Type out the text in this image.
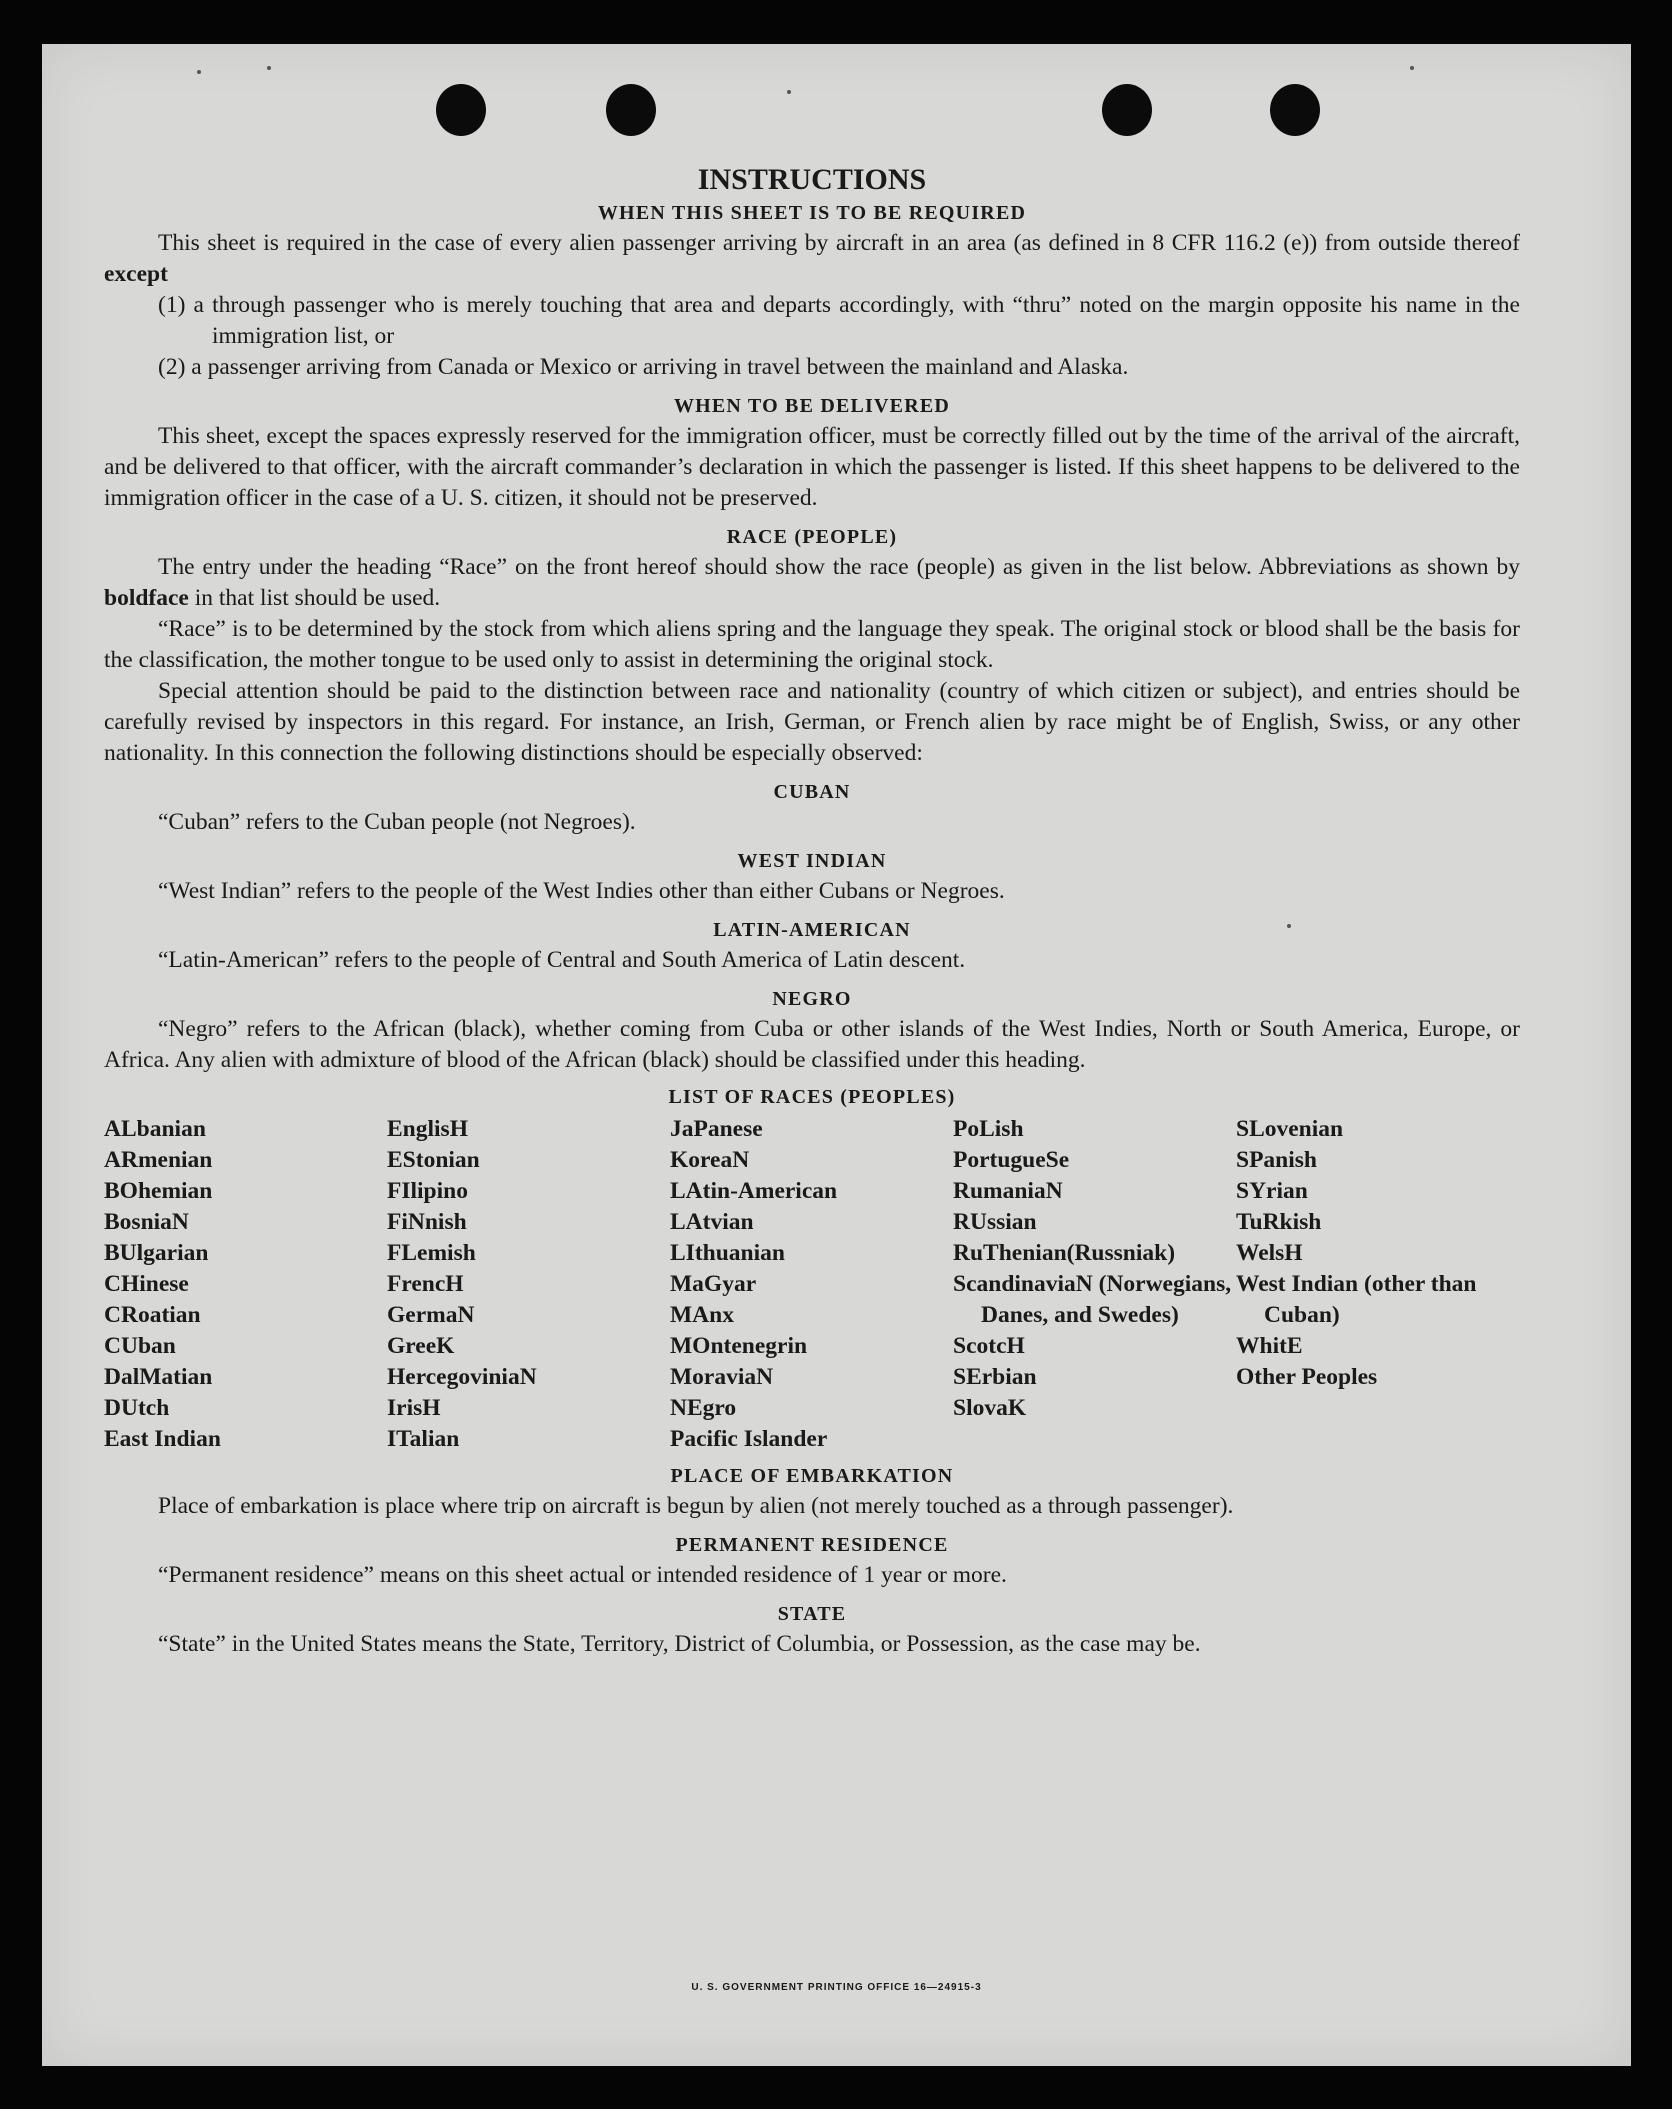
INSTRUCTIONS
WHEN THIS SHEET IS TO BE REQUIRED

This sheet is required in the case of every alien passenger arriving by aircraft in an area (as defined in 8 CFR 116.2 (e)) from outside thereof except

(1) a through passenger who is merely touching that area and departs accordingly, with “thru” noted on the margin opposite his name in the immigration list, or

(2) a passenger arriving from Canada or Mexico or arriving in travel between the mainland and Alaska.

WHEN TO BE DELIVERED

This sheet, except the spaces expressly reserved for the immigration officer, must be correctly filled out by the time of the arrival of the aircraft, and be delivered to that officer, with the aircraft commander’s declaration in which the passenger is listed. If this sheet happens to be delivered to the immigration officer in the case of a U. S. citizen, it should not be preserved.

RACE (PEOPLE)

The entry under the heading “Race” on the front hereof should show the race (people) as given in the list below. Abbreviations as shown by boldface in that list should be used.

“Race” is to be determined by the stock from which aliens spring and the language they speak. The original stock or blood shall be the basis for the classification, the mother tongue to be used only to assist in determining the original stock.

Special attention should be paid to the distinction between race and nationality (country of which citizen or subject), and entries should be carefully revised by inspectors in this regard. For instance, an Irish, German, or French alien by race might be of English, Swiss, or any other nationality. In this connection the following distinctions should be especially observed:

CUBAN

“Cuban” refers to the Cuban people (not Negroes).

WEST INDIAN

“West Indian” refers to the people of the West Indies other than either Cubans or Negroes.

LATIN-AMERICAN

“Latin-American” refers to the people of Central and South America of Latin descent.

NEGRO

“Negro” refers to the African (black), whether coming from Cuba or other islands of the West Indies, North or South America, Europe, or Africa. Any alien with admixture of blood of the African (black) should be classified under this heading.

LIST OF RACES (PEOPLES)
ALbanian
ARmenian
BOhemian
BosniaN
BUlgarian
CHinese
CRoatian
CUban
DalMatian
DUtch
East Indian
EnglisH
EStonian
FIlipino
FiNnish
FLemish
FrencH
GermaN
GreeK
HercegoviniaN
IrisH
ITalian
JaPanese
KoreaN
LAtin-American
LAtvian
LIthuanian
MaGyar
MAnx
MOntenegrin
MoraviaN
NEgro
Pacific Islander
PoLish
PortugueSe
RumaniaN
RUssian
RuThenian(Russniak)
ScandinaviaN (Norwegians, Danes, and Swedes)
ScotcH
SErbian
SlovaK
SLovenian
SPanish
SYrian
TuRkish
WelsH
West Indian (other than Cuban)
WhitE
Other Peoples
PLACE OF EMBARKATION

Place of embarkation is place where trip on aircraft is begun by alien (not merely touched as a through passenger).

PERMANENT RESIDENCE

“Permanent residence” means on this sheet actual or intended residence of 1 year or more.

STATE

“State” in the United States means the State, Territory, District of Columbia, or Possession, as the case may be.

U. S. GOVERNMENT PRINTING OFFICE 16—24915-3
